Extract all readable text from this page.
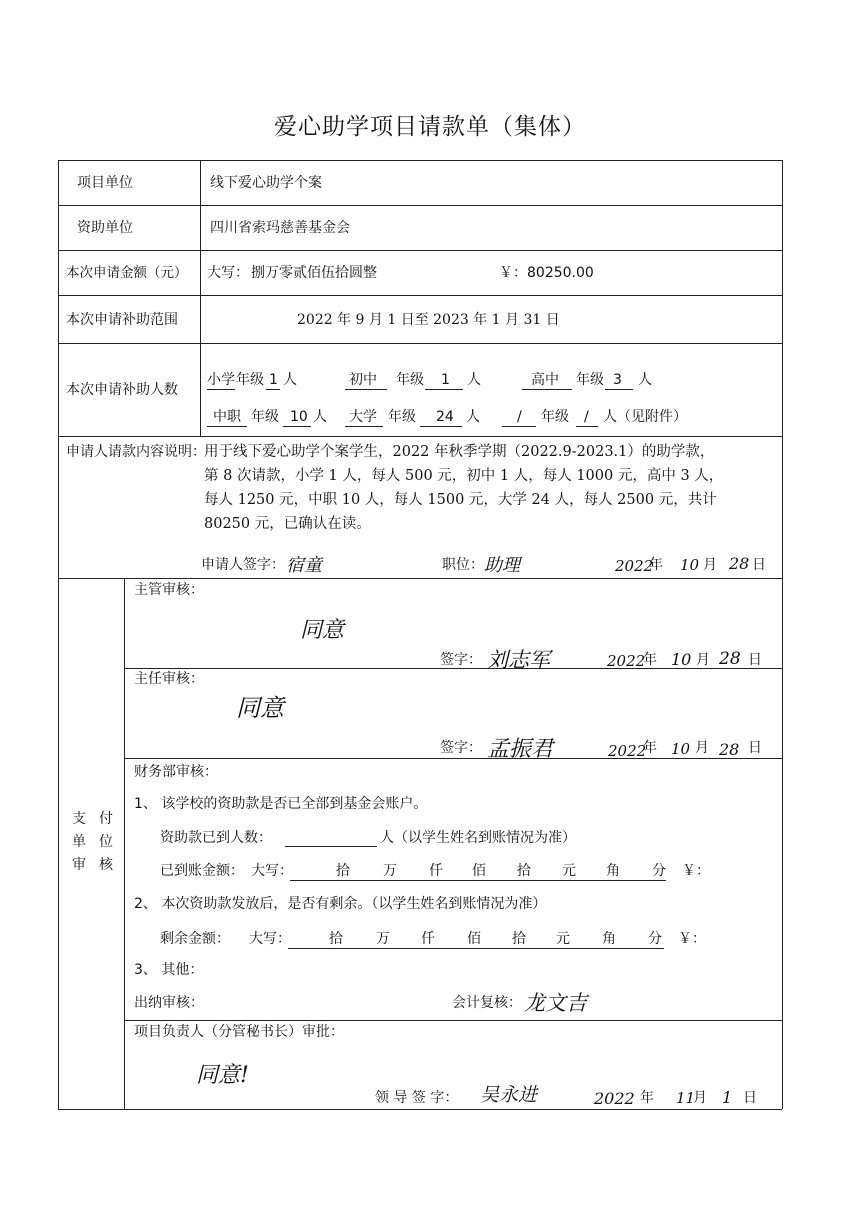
爱心助学项目请款单（集体）
项目单位	线下爱心助学个案
资助单位	四川省索玛慈善基金会
本次申请金额（元） 大写： 捌万零贰佰伍拾圆整	￥：80250.00
本次申请补助范围	2022 年 9 月 1 日至 2023 年 1 月 31 日
本次申请补助人数
小学 年级 1 人	初中 年级 1 人	高中 年级 3 人
中职 年级 10 人 大学 年级 24 人	/ 年级 / 人（见附件）
申请人请款内容说明：
用于线下爱心助学个案学生，2022 年秋季学期（2022.9-2023.1）的助学款，
第 8 次请款，小学 1 人，每人 500 元，初中 1 人，每人 1000 元，高中 3 人，
每人 1250 元，中职 10 人，每人 1500 元，大学 24 人，每人 2500 元，共计
80250 元，已确认在读。
申请人签字： 宿童	职位： 助理	2022
年 10 月 28 日
支
单
审
付
位
核
主管审核：
同意
签字： 刘志军	2022
年 10 月 28 日
主任审核：
同意
签字： 孟振君	2022
年 10 月 28 日
财务部审核：
1、 该学校的资助款是否已全部到基金会账户。
资助款已到人数：	人（以学生姓名到账情况为准）
已到账金额： 大写：	拾 万 仟 佰 拾 元 角 分 ￥：
2、 本次资助款发放后，是否有剩余。（以学生姓名到账情况为准）
剩余金额： 大写：	拾 万 仟 佰 拾 元 角 分 ￥：
3、 其他：
出纳审核：	会计复核： 龙文吉
项目负责人（分管秘书长）审批：
同意!
领 导 签 字： 吴永进	2022 年 11
月 1 日
